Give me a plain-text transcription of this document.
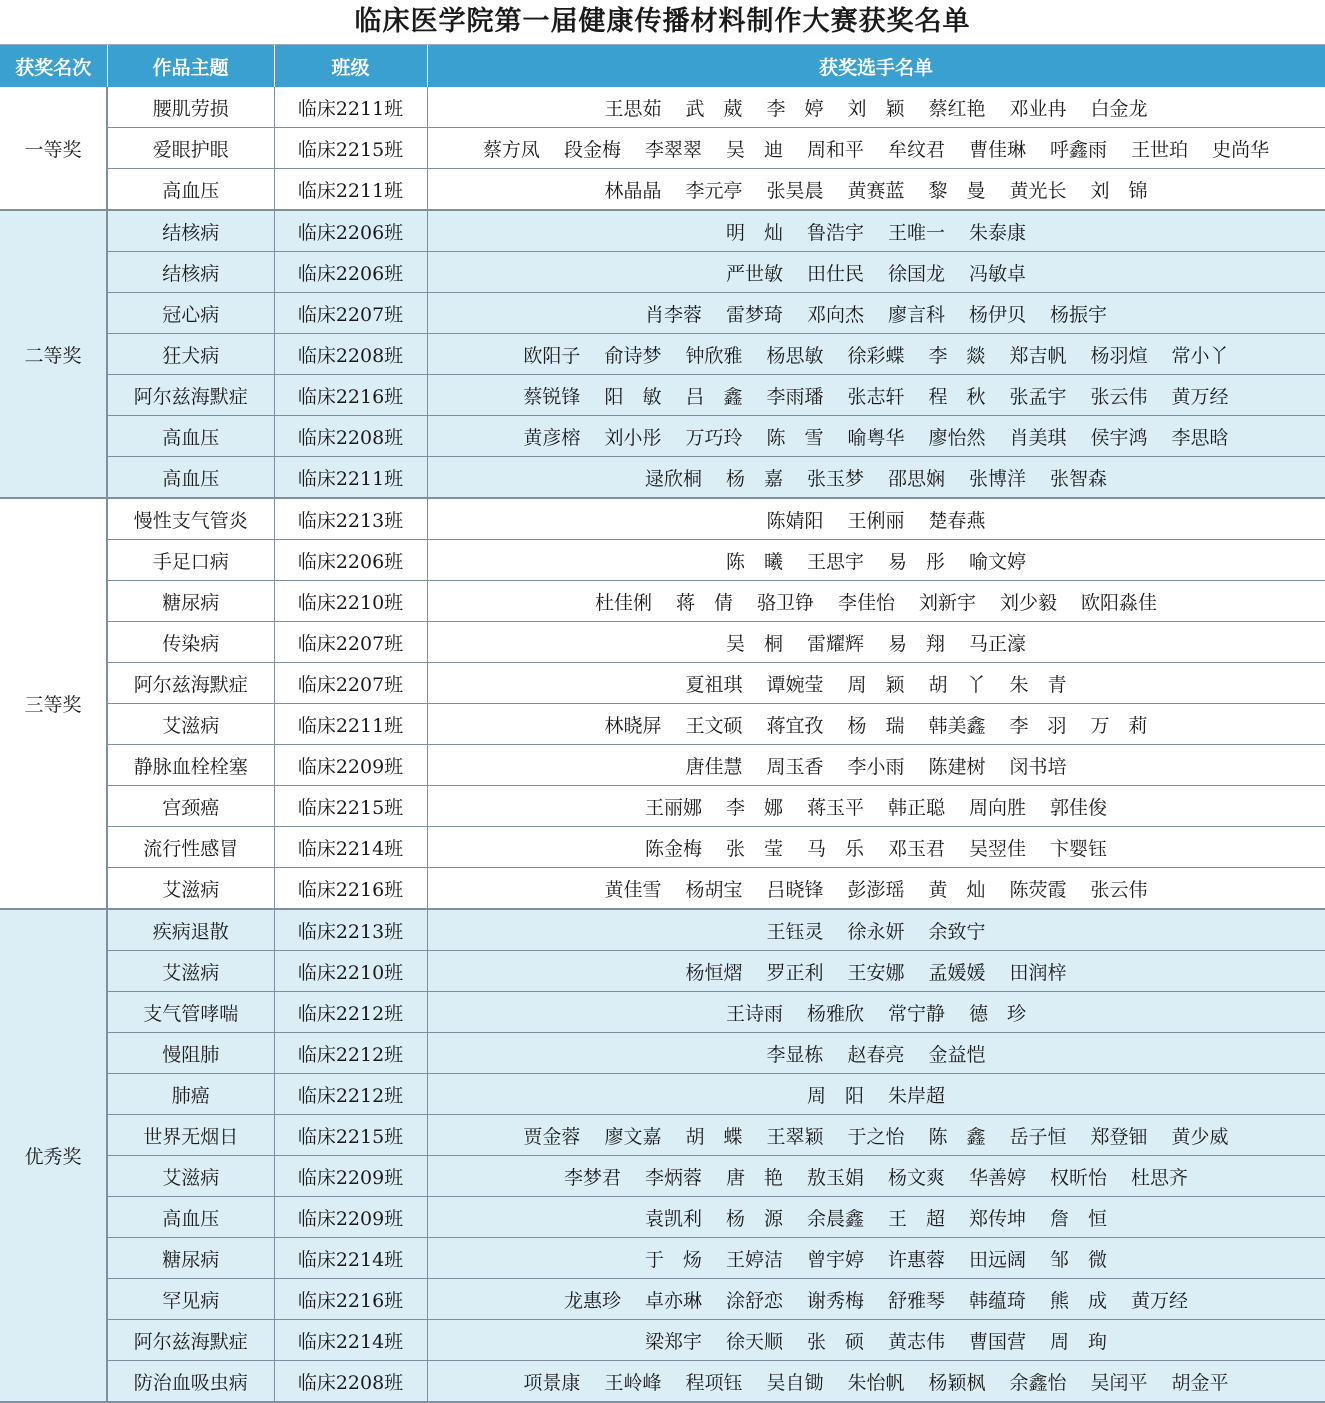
临床医学院第一届健康传播材料制作大赛获奖名单
获奖名次	作品主题	班级	获奖选手名单
一等奖	腰肌劳损	临床2211班	王思茹 武　葳 李　婷 刘　颖 蔡红艳 邓业冉 白金龙
	爱眼护眼	临床2215班	蔡方凤 段金梅 李翠翠 吴　迪 周和平 牟纹君 曹佳琳 呼鑫雨 王世珀 史尚华
	高血压	临床2211班	林晶晶 李元亭 张昊晨 黄赛蓝 黎　曼 黄光长 刘　锦
二等奖	结核病	临床2206班	明　灿 鲁浩宇 王唯一 朱泰康
	结核病	临床2206班	严世敏 田仕民 徐国龙 冯敏卓
	冠心病	临床2207班	肖李蓉 雷梦琦 邓向杰 廖言科 杨伊贝 杨振宇
	狂犬病	临床2208班	欧阳子 俞诗梦 钟欣雅 杨思敏 徐彩蝶 李　燚 郑吉帆 杨羽煊 常小丫
	阿尔兹海默症	临床2216班	蔡锐锋 阳　敏 吕　鑫 李雨璠 张志轩 程　秋 张孟宇 张云伟 黄万经
	高血压	临床2208班	黄彦榕 刘小彤 万巧玲 陈　雪 喻粤华 廖怡然 肖美琪 侯宇鸿 李思晗
	高血压	临床2211班	逯欣桐 杨　嘉 张玉梦 邵思娴 张博洋 张智森
三等奖	慢性支气管炎	临床2213班	陈婧阳 王俐丽 楚春燕
	手足口病	临床2206班	陈　曦 王思宇 易　彤 喻文婷
	糖尿病	临床2210班	杜佳俐 蒋　倩 骆卫铮 李佳怡 刘新宇 刘少毅 欧阳淼佳
	传染病	临床2207班	吴　桐 雷耀辉 易　翔 马正濠
	阿尔兹海默症	临床2207班	夏祖琪 谭婉莹 周　颖 胡　丫 朱　青
	艾滋病	临床2211班	林晓屏 王文硕 蒋宜孜 杨　瑞 韩美鑫 李　羽 万　莉
	静脉血栓栓塞	临床2209班	唐佳慧 周玉香 李小雨 陈建树 闵书培
	宫颈癌	临床2215班	王丽娜 李　娜 蒋玉平 韩正聪 周向胜 郭佳俊
	流行性感冒	临床2214班	陈金梅 张　莹 马　乐 邓玉君 吴翌佳 卞婴钰
	艾滋病	临床2216班	黄佳雪 杨胡宝 吕晓锋 彭澎瑶 黄　灿 陈荧霞 张云伟
优秀奖	疾病退散	临床2213班	王钰灵 徐永妍 余致宁
	艾滋病	临床2210班	杨恒熠 罗正利 王安娜 孟媛媛 田润梓
	支气管哮喘	临床2212班	王诗雨 杨雅欣 常宁静 德　珍
	慢阻肺	临床2212班	李显栋 赵春亮 金益恺
	肺癌	临床2212班	周　阳 朱岸超
	世界无烟日	临床2215班	贾金蓉 廖文嘉 胡　蝶 王翠颖 于之怡 陈　鑫 岳子恒 郑登钿 黄少威
	艾滋病	临床2209班	李梦君 李炳蓉 唐　艳 敖玉娟 杨文爽 华善婷 权昕怡 杜思齐
	高血压	临床2209班	袁凯利 杨　源 余晨鑫 王　超 郑传坤 詹　恒
	糖尿病	临床2214班	于　炀 王婷洁 曾宇婷 许惠蓉 田远阔 邹　微
	罕见病	临床2216班	龙惠珍 卓亦琳 涂舒恋 谢秀梅 舒雅琴 韩蕴琦 熊　成 黄万经
	阿尔兹海默症	临床2214班	梁郑宇 徐天顺 张　硕 黄志伟 曹国营 周　珣
	防治血吸虫病	临床2208班	项景康 王岭峰 程项钰 吴自锄 朱怡帆 杨颖枫 余鑫怡 吴闰平 胡金平
